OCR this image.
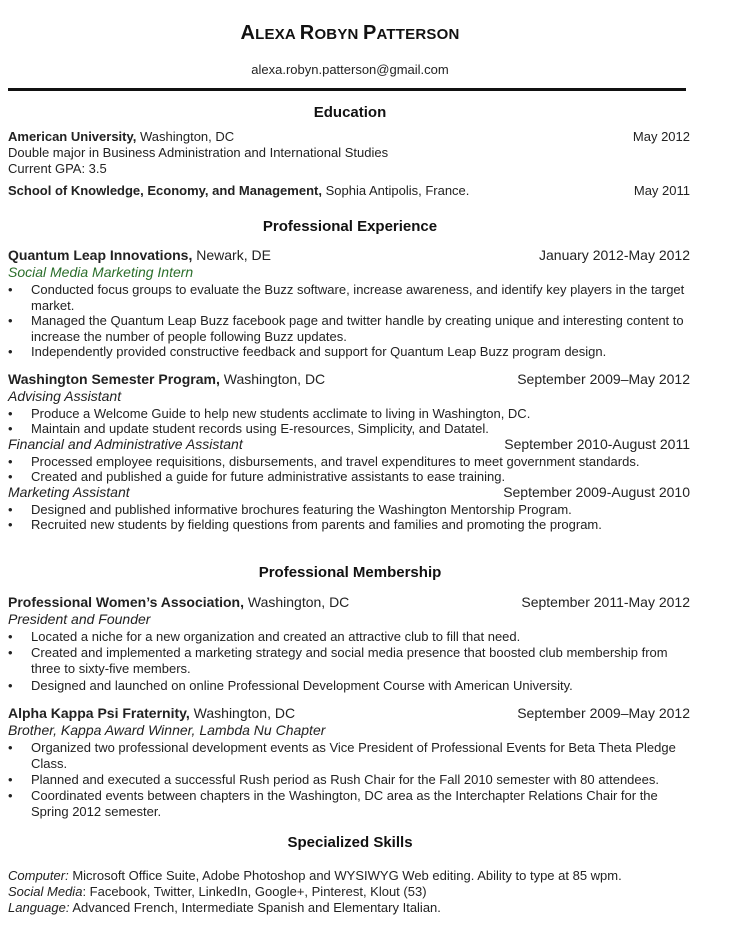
ALEXA ROBYN PATTERSON
alexa.robyn.patterson@gmail.com
Education
American University, Washington, DC	May 2012
Double major in Business Administration and International Studies
Current GPA: 3.5
School of Knowledge, Economy, and Management, Sophia Antipolis, France.	May 2011
Professional Experience
Quantum Leap Innovations, Newark, DE	January 2012-May 2012
Social Media Marketing Intern
•	Conducted focus groups to evaluate the Buzz software, increase awareness, and identify key players in the target market.
•	Managed the Quantum Leap Buzz facebook page and twitter handle by creating unique and interesting content to increase the number of people following Buzz updates.
•	Independently provided constructive feedback and support for Quantum Leap Buzz program design.
Washington Semester Program, Washington, DC	September 2009–May 2012
Advising Assistant
•	Produce a Welcome Guide to help new students acclimate to living in Washington, DC.
•	Maintain and update student records using E-resources, Simplicity, and Datatel.
Financial and Administrative Assistant	September 2010-August 2011
•	Processed employee requisitions, disbursements, and travel expenditures to meet government standards.
•	Created and published a guide for future administrative assistants to ease training.
Marketing Assistant	September 2009-August 2010
•	Designed and published informative brochures featuring the Washington Mentorship Program.
•	Recruited new students by fielding questions from parents and families and promoting the program.
Professional Membership
Professional Women’s Association, Washington, DC	September 2011-May 2012
President and Founder
•	Located a niche for a new organization and created an attractive club to fill that need.
•	Created and implemented a marketing strategy and social media presence that boosted club membership from three to sixty-five members.
•	Designed and launched on online Professional Development Course with American University.
Alpha Kappa Psi Fraternity, Washington, DC	September 2009–May 2012
Brother, Kappa Award Winner, Lambda Nu Chapter
•	Organized two professional development events as Vice President of Professional Events for Beta Theta Pledge Class.
•	Planned and executed a successful Rush period as Rush Chair for the Fall 2010 semester with 80 attendees.
•	Coordinated events between chapters in the Washington, DC area as the Interchapter Relations Chair for the Spring 2012 semester.
Specialized Skills
Computer: Microsoft Office Suite, Adobe Photoshop and WYSIWYG Web editing. Ability to type at 85 wpm.
Social Media: Facebook, Twitter, LinkedIn, Google+, Pinterest, Klout (53)
Language: Advanced French, Intermediate Spanish and Elementary Italian.
